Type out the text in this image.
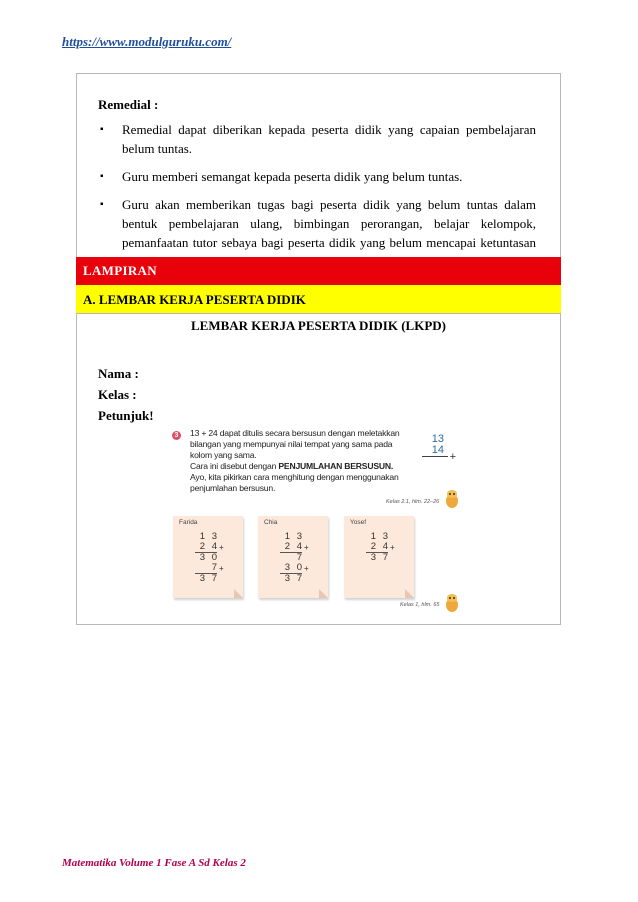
https://www.modulguruku.com/
Remedial :
▪ Remedial dapat diberikan kepada peserta didik yang capaian pembelajaran belum tuntas.
▪ Guru memberi semangat kepada peserta didik yang belum tuntas.
▪ Guru akan memberikan tugas bagi peserta didik yang belum tuntas dalam bentuk pembelajaran ulang, bimbingan perorangan, belajar kelompok, pemanfaatan tutor sebaya bagi peserta didik yang belum mencapai ketuntasan
LAMPIRAN
A. LEMBAR KERJA PESERTA DIDIK
LEMBAR KERJA PESERTA DIDIK (LKPD)
Nama :
Kelas :
Petunjuk!
3 13 + 24 dapat ditulis secara bersusun dengan meletakkan
bilangan yang mempunyai nilai tempat yang sama pada
kolom yang sama.
Cara ini disebut dengan PENJUMLAHAN BERSUSUN.
Ayo, kita pikirkan cara menghitung dengan menggunakan
penjumlahan bersusun.
13
14
+
Kelas 2.1, hlm. 22–26
Farida
1 3
2 4 +
3 0
7 +
3 7
Chia
1 3
2 4 +
7
3 0 +
3 7
Yosef
1 3
2 4 +
3 7
Kelas 1, hlm. 65
Matematika Volume 1 Fase A Sd Kelas 2
